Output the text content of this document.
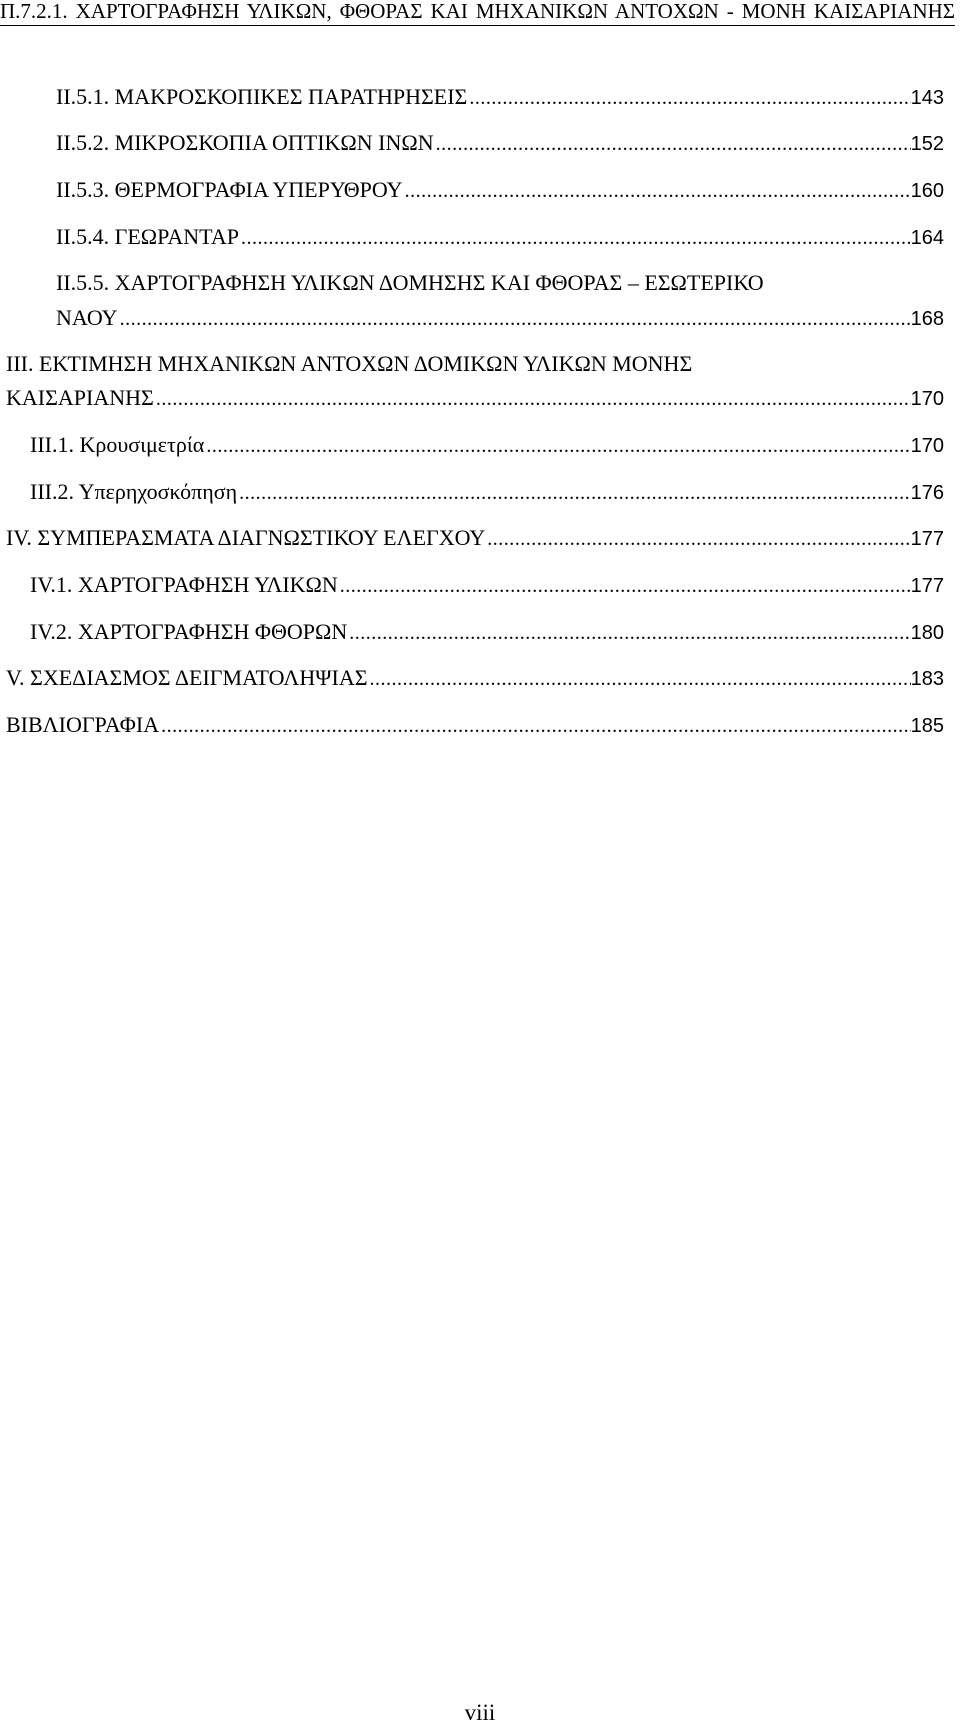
Π.7.2.1. ΧΑΡΤΟΓΡΑΦΗΣΗ ΥΛΙΚΩΝ, ΦΘΟΡΑΣ ΚΑΙ ΜΗΧΑΝΙΚΩΝ ΑΝΤΟΧΩΝ - ΜΟΝΗ ΚΑΙΣΑΡΙΑΝΗΣ
ΙΙ.5.1. ΜΑΚΡΟΣΚΟΠΙΚΕΣ ΠΑΡΑΤΗΡΗΣΕΙΣ .....	143
ΙΙ.5.2. ΜΙΚΡΟΣΚΟΠΙΑ ΟΠΤΙΚΩΝ ΙΝΩΝ .....	152
ΙΙ.5.3. ΘΕΡΜΟΓΡΑΦΙΑ ΥΠΕΡΥΘΡΟΥ .....	160
ΙΙ.5.4. ΓΕΩΡΑΝΤΑΡ .....	164
ΙΙ.5.5. ΧΑΡΤΟΓΡΑΦΗΣΗ ΥΛΙΚΩΝ ΔΟΜΗΣΗΣ ΚΑΙ ΦΘΟΡΑΣ – ΕΣΩΤΕΡΙΚΟ
ΝΑΟΥ .....	168
ΙΙΙ. ΕΚΤΙΜΗΣΗ ΜΗΧΑΝΙΚΩΝ ΑΝΤΟΧΩΝ ΔΟΜΙΚΩΝ ΥΛΙΚΩΝ ΜΟΝΗΣ
ΚΑΙΣΑΡΙΑΝΗΣ .....	170
ΙΙΙ.1. Κρουσιμετρία .....	170
ΙΙΙ.2. Υπερηχοσκόπηση .....	176
IV. ΣΥΜΠΕΡΑΣΜΑΤΑ ΔΙΑΓΝΩΣΤΙΚΟΥ ΕΛΕΓΧΟΥ .....	177
IV.1. ΧΑΡΤΟΓΡΑΦΗΣΗ ΥΛΙΚΩΝ .....	177
IV.2. ΧΑΡΤΟΓΡΑΦΗΣΗ ΦΘΟΡΩΝ .....	180
V. ΣΧΕΔΙΑΣΜΟΣ ΔΕΙΓΜΑΤΟΛΗΨΙΑΣ .....	183
ΒΙΒΛΙΟΓΡΑΦΙΑ .....	185
viii
